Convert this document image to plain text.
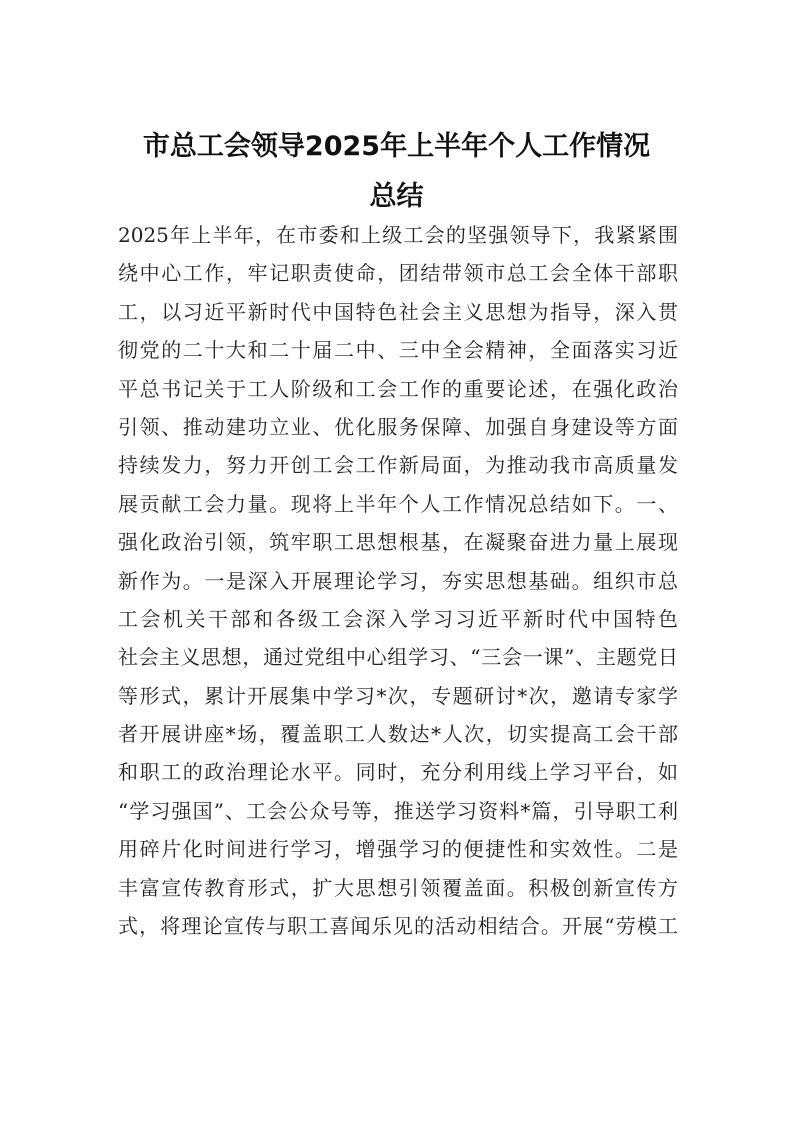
市总工会领导2025年上半年个人工作情况
总结
2025年上半年，在市委和上级工会的坚强领导下，我紧紧围
绕中心工作，牢记职责使命，团结带领市总工会全体干部职
工，以习近平新时代中国特色社会主义思想为指导，深入贯
彻党的二十大和二十届二中、三中全会精神，全面落实习近
平总书记关于工人阶级和工会工作的重要论述，在强化政治
引领、推动建功立业、优化服务保障、加强自身建设等方面
持续发力，努力开创工会工作新局面，为推动我市高质量发
展贡献工会力量。现将上半年个人工作情况总结如下。一、
强化政治引领，筑牢职工思想根基，在凝聚奋进力量上展现
新作为。一是深入开展理论学习，夯实思想基础。组织市总
工会机关干部和各级工会深入学习习近平新时代中国特色
社会主义思想，通过党组中心组学习、“三会一课”、主题党日
等形式，累计开展集中学习*次，专题研讨*次，邀请专家学
者开展讲座*场，覆盖职工人数达*人次，切实提高工会干部
和职工的政治理论水平。同时，充分利用线上学习平台，如
“学习强国”、工会公众号等，推送学习资料*篇，引导职工利
用碎片化时间进行学习，增强学习的便捷性和实效性。二是
丰富宣传教育形式，扩大思想引领覆盖面。积极创新宣传方
式，将理论宣传与职工喜闻乐见的活动相结合。开展“劳模工
